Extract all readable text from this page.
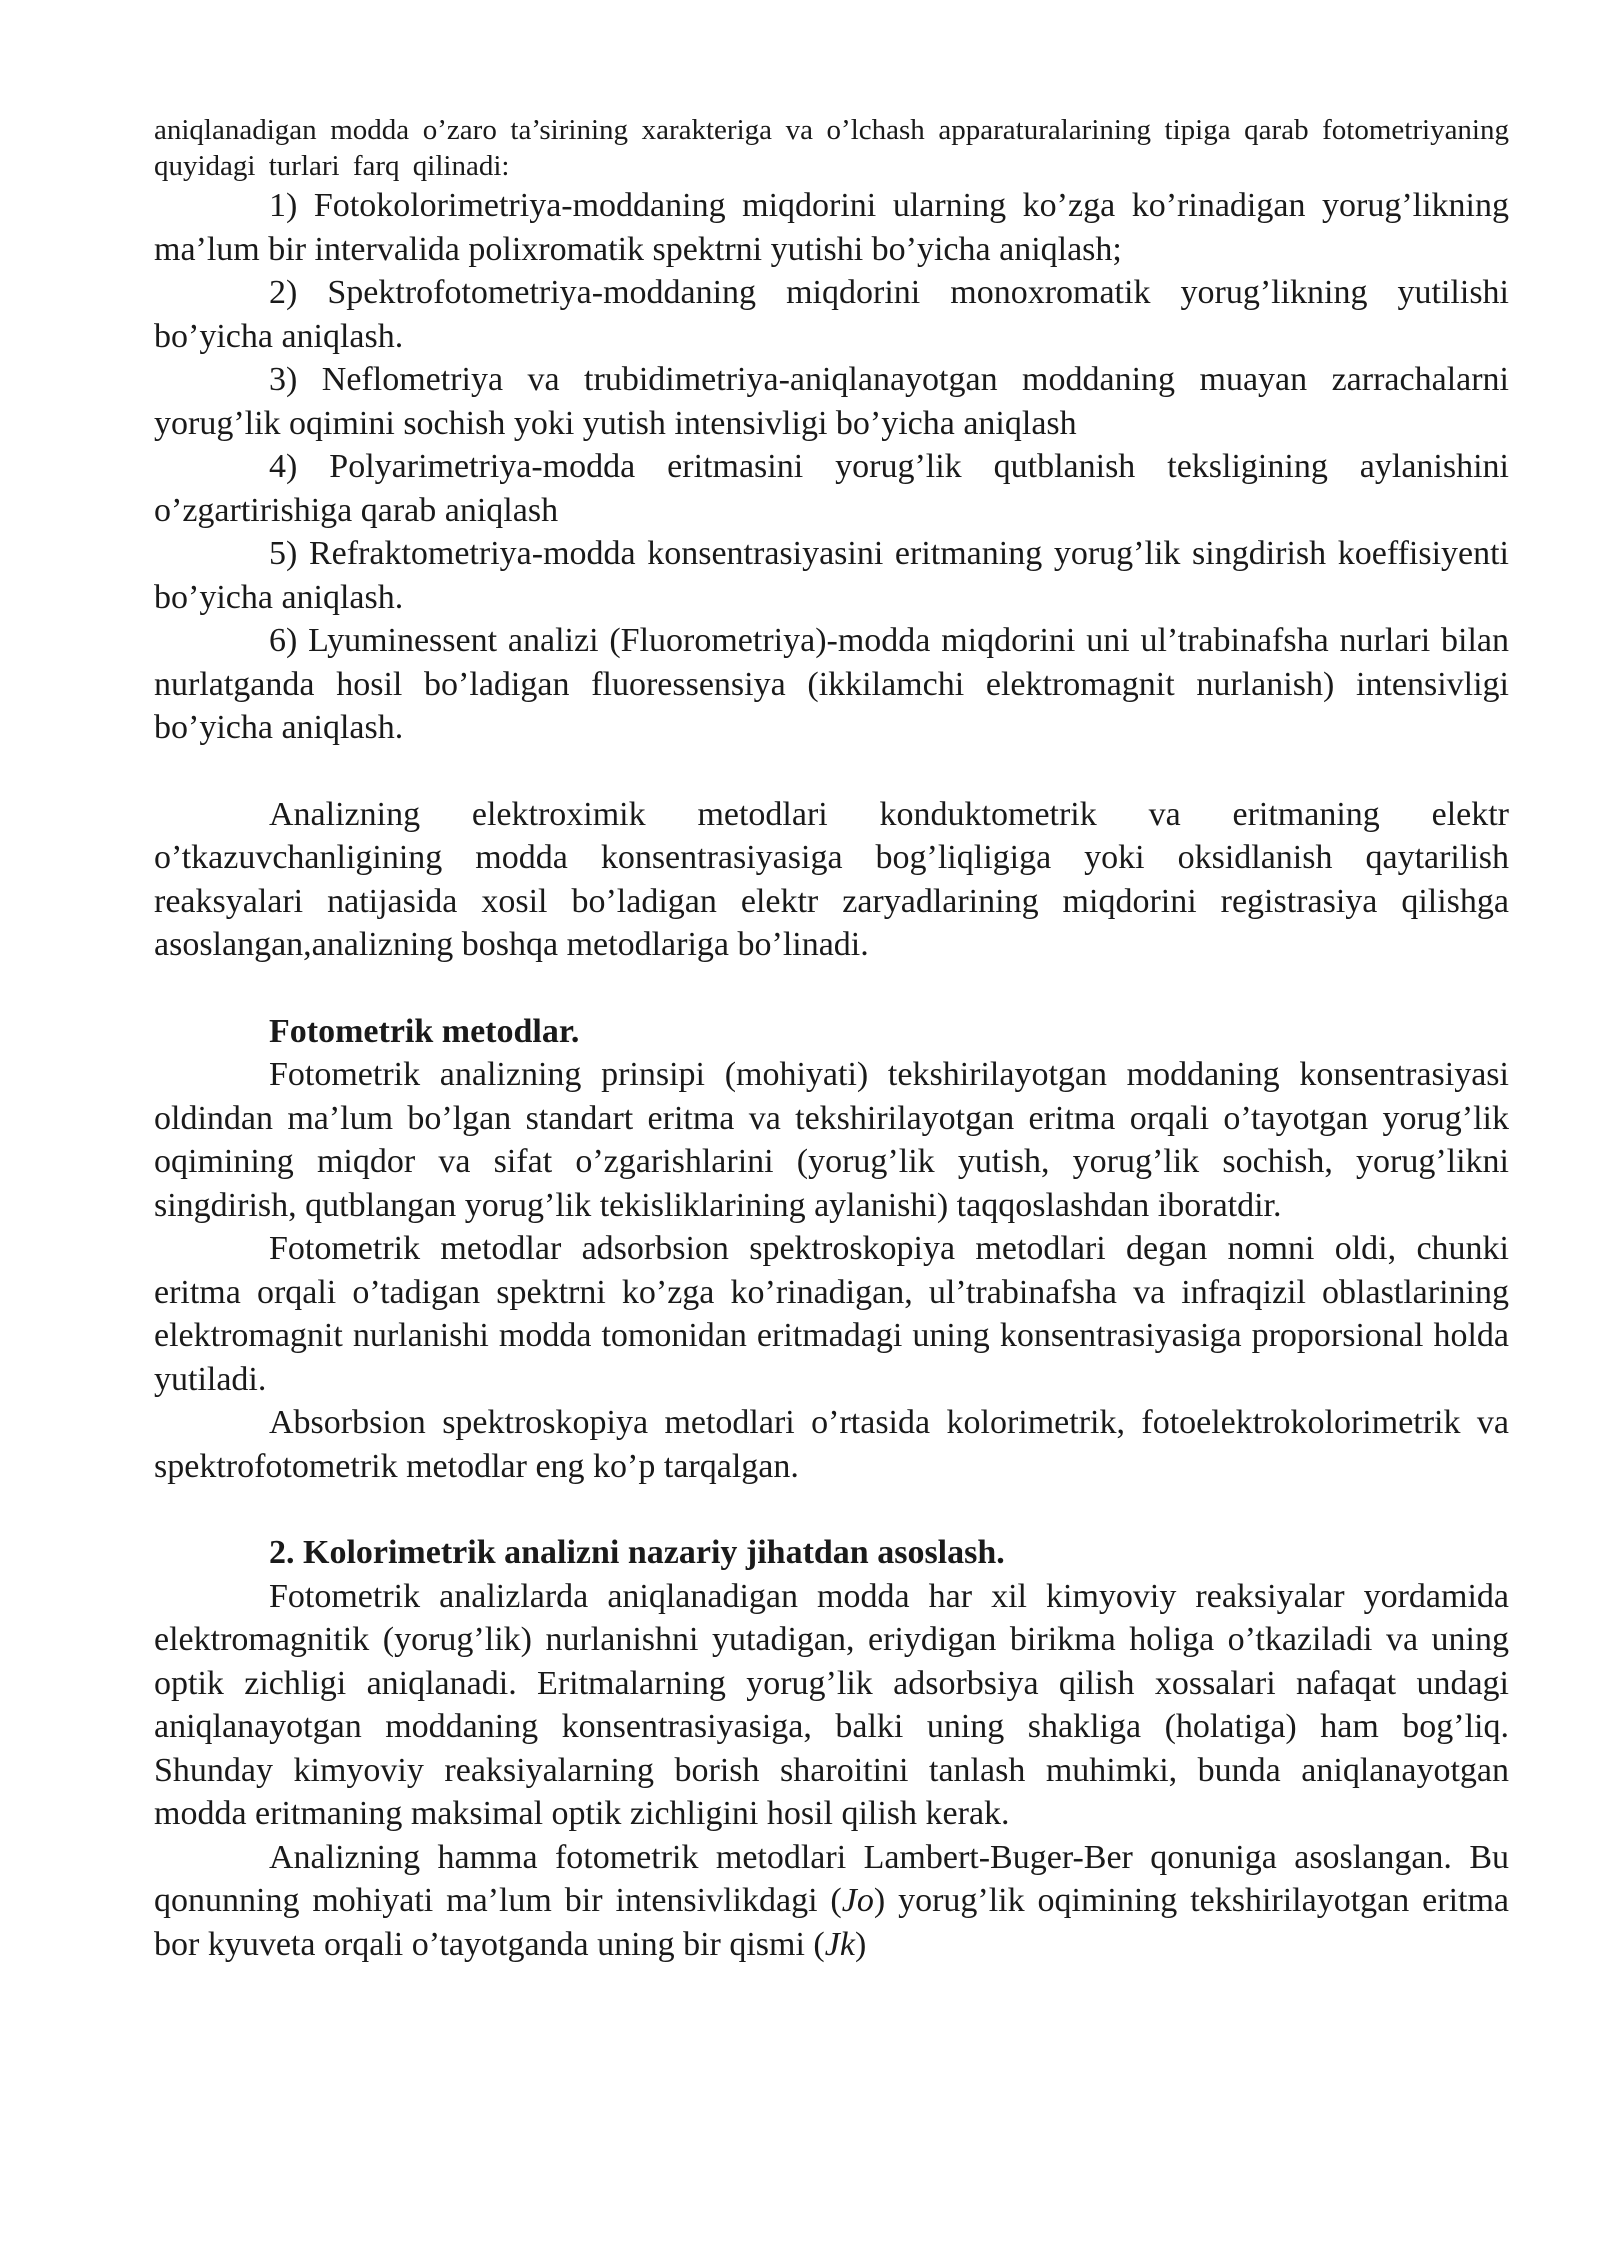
aniqlanadigan modda o’zaro ta’sirining xarakteriga va o’lchash apparaturalarining tipiga qarab fotometriyaning quyidagi turlari farq qilinadi:

1) Fotokolorimetriya-moddaning miqdorini ularning ko’zga ko’rinadigan yorug’likning ma’lum bir intervalida polixromatik spektrni yutishi bo’yicha aniqlash;

2) Spektrofotometriya-moddaning miqdorini monoxromatik yorug’likning yutilishi bo’yicha aniqlash.

3) Neflometriya va trubidimetriya-aniqlanayotgan moddaning muayan zarrachalarni yorug’lik oqimini sochish yoki yutish intensivligi bo’yicha aniqlash

4) Polyarimetriya-modda eritmasini yorug’lik qutblanish teksligining aylanishini o’zgartirishiga qarab aniqlash

5) Refraktometriya-modda konsentrasiyasini eritmaning yorug’lik singdirish koeffisiyenti bo’yicha aniqlash.

6) Lyuminessent analizi (Fluorometriya)-modda miqdorini uni ul’trabinafsha nurlari bilan nurlatganda hosil bo’ladigan fluoressensiya (ikkilamchi elektromagnit nurlanish) intensivligi bo’yicha aniqlash.

Analizning elektroximik metodlari konduktometrik va eritmaning elektr o’tkazuvchanligining modda konsentrasiyasiga bog’liqligiga yoki oksidlanish qaytarilish reaksyalari natijasida xosil bo’ladigan elektr zaryadlarining miqdorini registrasiya qilishga asoslangan,analizning boshqa metodlariga bo’linadi.

Fotometrik metodlar.

Fotometrik analizning prinsipi (mohiyati) tekshirilayotgan moddaning konsentrasiyasi oldindan ma’lum bo’lgan standart eritma va tekshirilayotgan eritma orqali o’tayotgan yorug’lik oqimining miqdor va sifat o’zgarishlarini (yorug’lik yutish, yorug’lik sochish, yorug’likni singdirish, qutblangan yorug’lik tekisliklarining aylanishi) taqqoslashdan iboratdir.

Fotometrik metodlar adsorbsion spektroskopiya metodlari degan nomni oldi, chunki eritma orqali o’tadigan spektrni ko’zga ko’rinadigan, ul’trabinafsha va infraqizil oblastlarining elektromagnit nurlanishi modda tomonidan eritmadagi uning konsentrasiyasiga proporsional holda yutiladi.

Absorbsion spektroskopiya metodlari o’rtasida kolorimetrik, fotoelektrokolorimetrik va spektrofotometrik metodlar eng ko’p tarqalgan.

2. Kolorimetrik analizni nazariy jihatdan asoslash.

Fotometrik analizlarda aniqlanadigan modda har xil kimyoviy reaksiyalar yordamida elektromagnitik (yorug’lik) nurlanishni yutadigan, eriydigan birikma holiga o’tkaziladi va uning optik zichligi aniqlanadi. Eritmalarning yorug’lik adsorbsiya qilish xossalari nafaqat undagi aniqlanayotgan moddaning konsentrasiyasiga, balki uning shakliga (holatiga) ham bog’liq. Shunday kimyoviy reaksiyalarning borish sharoitini tanlash muhimki, bunda aniqlanayotgan modda eritmaning maksimal optik zichligini hosil qilish kerak.

Analizning hamma fotometrik metodlari Lambert-Buger-Ber qonuniga asoslangan. Bu qonunning mohiyati ma’lum bir intensivlikdagi (Jo) yorug’lik oqimining tekshirilayotgan eritma bor kyuveta orqali o’tayotganda uning bir qismi (Jk)
